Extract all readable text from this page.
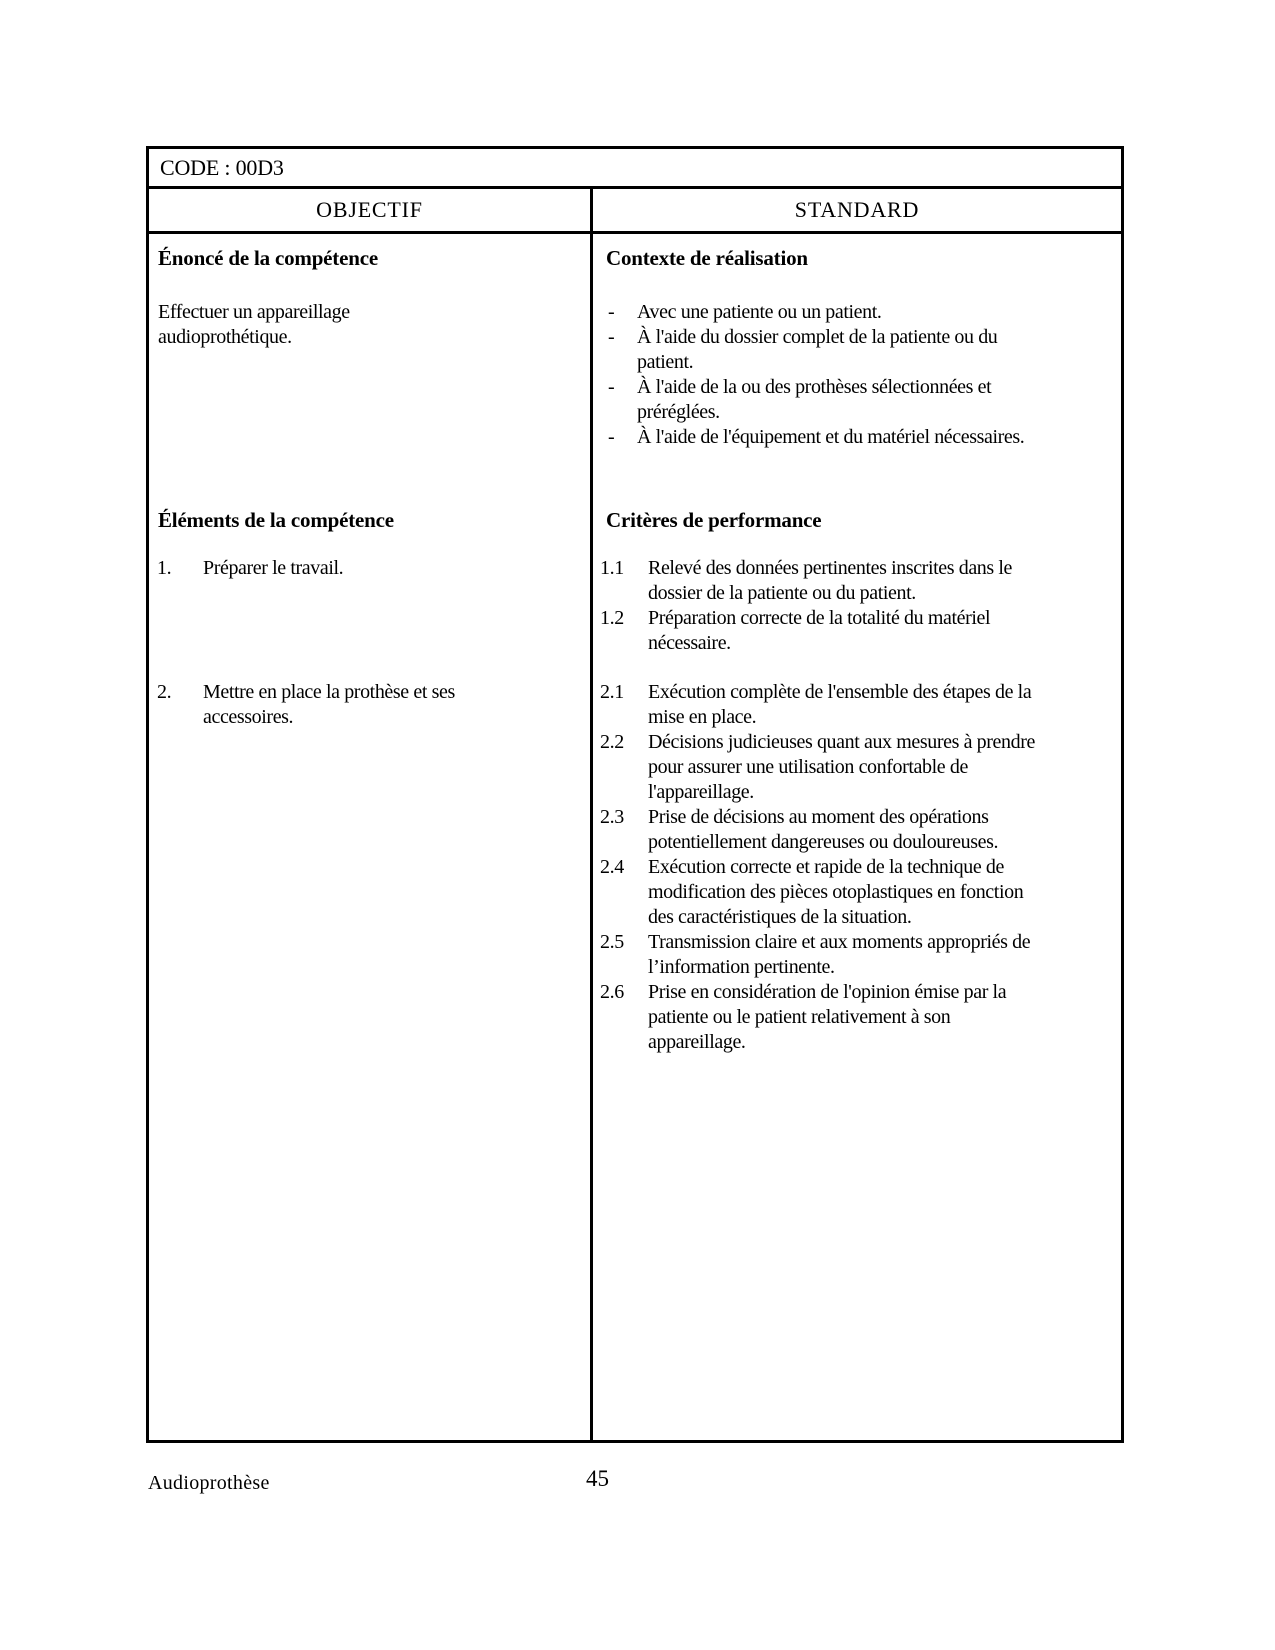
CODE : 00D3
OBJECTIF	STANDARD
Énoncé de la compétence
Effectuer un appareillage audioprothétique.
Éléments de la compétence
1.	Préparer le travail.
2.	Mettre en place la prothèse et ses accessoires.
Contexte de réalisation
-	Avec une patiente ou un patient.
-	À l'aide du dossier complet de la patiente ou du patient.
-	À l'aide de la ou des prothèses sélectionnées et préréglées.
-	À l'aide de l'équipement et du matériel nécessaires.
Critères de performance
1.1	Relevé des données pertinentes inscrites dans le dossier de la patiente ou du patient.
1.2	Préparation correcte de la totalité du matériel nécessaire.
2.1	Exécution complète de l'ensemble des étapes de la mise en place.
2.2	Décisions judicieuses quant aux mesures à prendre pour assurer une utilisation confortable de l'appareillage.
2.3	Prise de décisions au moment des opérations potentiellement dangereuses ou douloureuses.
2.4	Exécution correcte et rapide de la technique de modification des pièces otoplastiques en fonction des caractéristiques de la situation.
2.5	Transmission claire et aux moments appropriés de l’information pertinente.
2.6	Prise en considération de l'opinion émise par la patiente ou le patient relativement à son appareillage.
Audioprothèse	45
